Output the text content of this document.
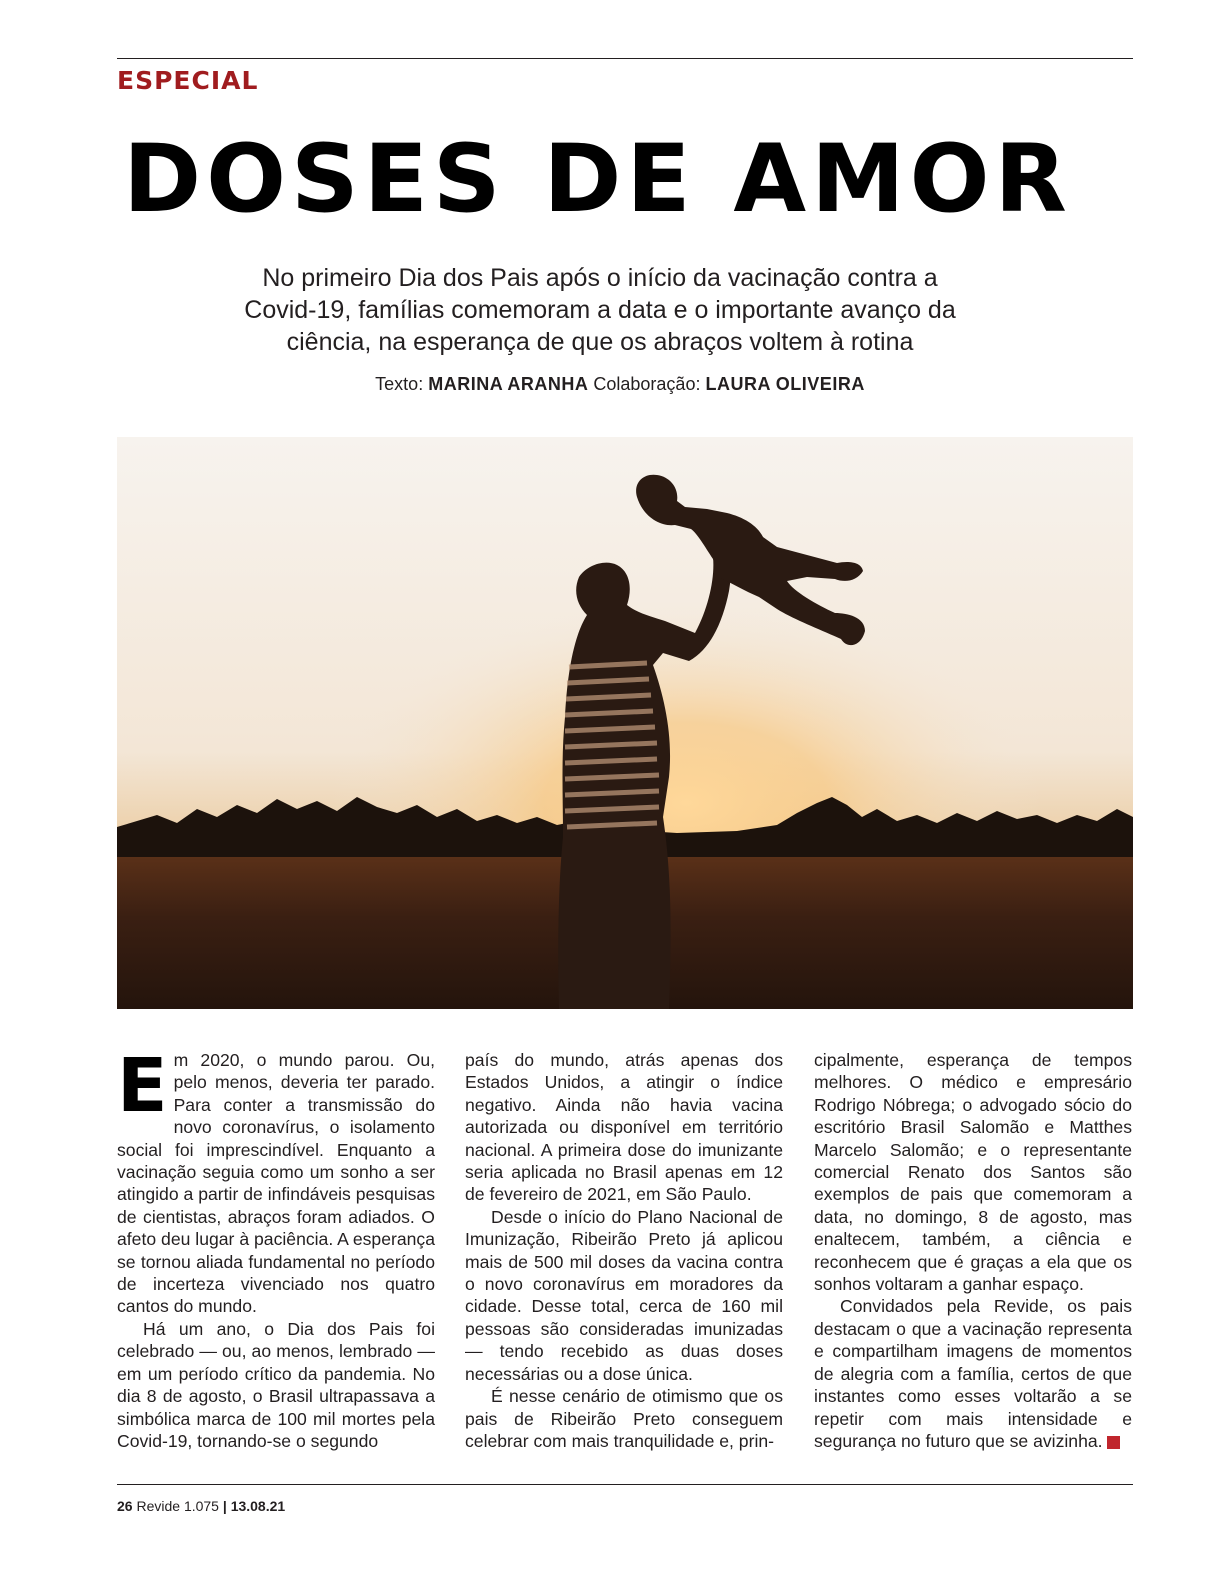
ESPECIAL
DOSES DE AMOR
No primeiro Dia dos Pais após o início da vacinação contra a Covid-19, famílias comemoram a data e o importante avanço da ciência, na esperança de que os abraços voltem à rotina
Texto: MARINA ARANHA Colaboração: LAURA OLIVEIRA

Em 2020, o mundo parou. Ou, pelo menos, deveria ter parado. Para conter a transmissão do novo coronavírus, o isolamento social foi imprescindível. Enquanto a vacinação seguia como um sonho a ser atingido a partir de infindáveis pesquisas de cientistas, abraços foram adiados. O afeto deu lugar à paciência. A esperança se tornou aliada fundamental no período de incerteza vivenciado nos quatro cantos do mundo.

Há um ano, o Dia dos Pais foi celebrado — ou, ao menos, lembrado — em um período crítico da pandemia. No dia 8 de agosto, o Brasil ultrapassava a simbólica marca de 100 mil mortes pela Covid-19, tornando-se o segundo

país do mundo, atrás apenas dos Estados Unidos, a atingir o índice negativo. Ainda não havia vacina autorizada ou disponível em território nacional. A primeira dose do imunizante seria aplicada no Brasil apenas em 12 de fevereiro de 2021, em São Paulo.

Desde o início do Plano Nacional de Imunização, Ribeirão Preto já aplicou mais de 500 mil doses da vacina contra o novo coronavírus em moradores da cidade. Desse total, cerca de 160 mil pessoas são consideradas imunizadas — tendo recebido as duas doses necessárias ou a dose única.

É nesse cenário de otimismo que os pais de Ribeirão Preto conseguem celebrar com mais tranquilidade e, prin-

cipalmente, esperança de tempos melhores. O médico e empresário Rodrigo Nóbrega; o advogado sócio do escritório Brasil Salomão e Matthes Marcelo Salomão; e o representante comercial Renato dos Santos são exemplos de pais que comemoram a data, no domingo, 8 de agosto, mas enaltecem, também, a ciência e reconhecem que é graças a ela que os sonhos voltaram a ganhar espaço.

Convidados pela Revide, os pais destacam o que a vacinação representa e compartilham imagens de momentos de alegria com a família, certos de que instantes como esses voltarão a se repetir com mais intensidade e segurança no futuro que se avizinha.	R

26 Revide 1.075 | 13.08.21
